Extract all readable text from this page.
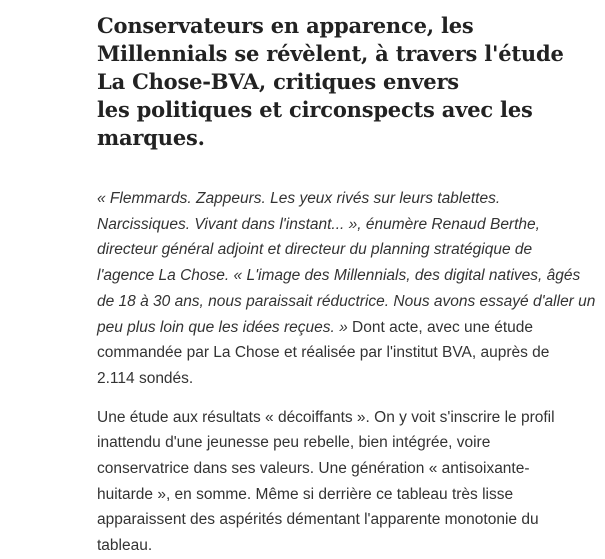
Conservateurs en apparence, les
Millennials se révèlent, à travers l'étude
La Chose-BVA, critiques envers
les politiques et circonspects avec les
marques.

« Flemmards. Zappeurs. Les yeux rivés sur leurs tablettes.
Narcissiques. Vivant dans l'instant... », énumère Renaud Berthe,
directeur général adjoint et directeur du planning stratégique de
l'agence La Chose. « L'image des Millennials, des digital natives, âgés
de 18 à 30 ans, nous paraissait réductrice. Nous avons essayé d'aller un
peu plus loin que les idées reçues. » Dont acte, avec une étude
commandée par La Chose et réalisée par l'institut BVA, auprès de
2.114 sondés.

Une étude aux résultats « décoiffants ». On y voit s'inscrire le profil
inattendu d'une jeunesse peu rebelle, bien intégrée, voire
conservatrice dans ses valeurs. Une génération « antisoixante-
huitarde », en somme. Même si derrière ce tableau très lisse
apparaissent des aspérités démentant l'apparente monotonie du
tableau.
